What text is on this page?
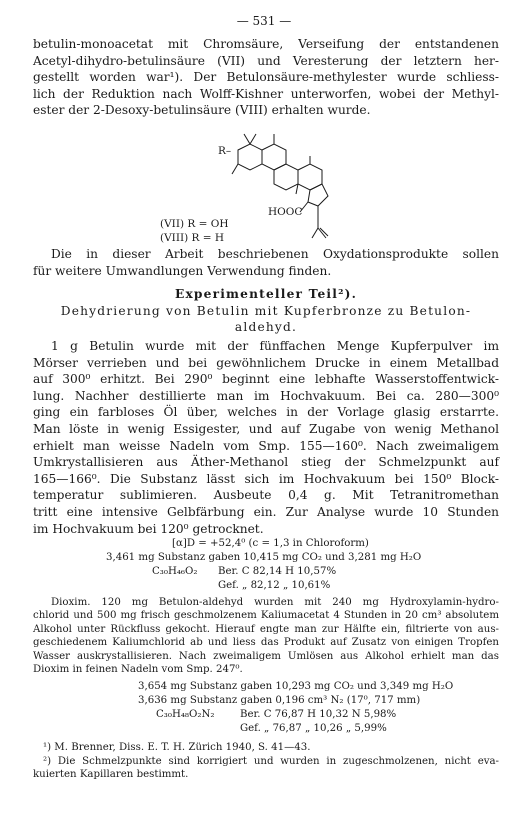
— 531 —
betulin-monoacetat mit Chromsäure, Verseifung der entstandenen
Acetyl-dihydro-betulinsäure (VII) und Veresterung der letztern her-
gestellt worden war¹). Der Betulonsäure-methylester wurde schliess-
lich der Reduktion nach Wolff-Kishner unterworfen, wobei der Methyl-
ester der 2-Desoxy-betulinsäure (VIII) erhalten wurde.
R–
HOOC
(VII) R = OH
(VIII) R = H
Die in dieser Arbeit beschriebenen Oxydationsprodukte sollen
für weitere Umwandlungen Verwendung finden.
Experimenteller Teil²).
Dehydrierung von Betulin mit Kupferbronze zu Betulon-
aldehyd.
1 g Betulin wurde mit der fünffachen Menge Kupferpulver im
Mörser verrieben und bei gewöhnlichem Drucke in einem Metallbad
auf 300⁰ erhitzt. Bei 290⁰ beginnt eine lebhafte Wasserstoffentwick-
lung. Nachher destillierte man im Hochvakuum. Bei ca. 280—300⁰
ging ein farbloses Öl über, welches in der Vorlage glasig erstarrte.
Man löste in wenig Essigester, und auf Zugabe von wenig Methanol
erhielt man weisse Nadeln vom Smp. 155—160⁰. Nach zweimaligem
Umkrystallisieren aus Äther-Methanol stieg der Schmelzpunkt auf
165—166⁰. Die Substanz lässt sich im Hochvakuum bei 150⁰ Block-
temperatur sublimieren. Ausbeute 0,4 g. Mit Tetranitromethan
tritt eine intensive Gelbfärbung ein. Zur Analyse wurde 10 Stunden
im Hochvakuum bei 120⁰ getrocknet.
[α]D = +52,4⁰ (c = 1,3 in Chloroform)
3,461 mg Substanz gaben 10,415 mg CO₂ und 3,281 mg H₂O
C₃₀H₄₆O₂ Ber. C 82,14 H 10,57%
Gef. „ 82,12 „ 10,61%
Dioxim. 120 mg Betulon-aldehyd wurden mit 240 mg Hydroxylamin-hydro-
chlorid und 500 mg frisch geschmolzenem Kaliumacetat 4 Stunden in 20 cm³ absolutem
Alkohol unter Rückfluss gekocht. Hierauf engte man zur Hälfte ein, filtrierte von aus-
geschiedenem Kaliumchlorid ab und liess das Produkt auf Zusatz von einigen Tropfen
Wasser auskrystallisieren. Nach zweimaligem Umlösen aus Alkohol erhielt man das
Dioxim in feinen Nadeln vom Smp. 247⁰.
3,654 mg Substanz gaben 10,293 mg CO₂ und 3,349 mg H₂O
3,636 mg Substanz gaben 0,196 cm³ N₂ (17⁰, 717 mm)
C₃₀H₄₈O₂N₂	Ber. C 76,87 H 10,32 N 5,98%
Gef. „ 76,87 „ 10,26 „ 5,99%
¹) M. Brenner, Diss. E. T. H. Zürich 1940, S. 41—43.
²) Die Schmelzpunkte sind korrigiert und wurden in zugeschmolzenen, nicht eva-
kuierten Kapillaren bestimmt.
